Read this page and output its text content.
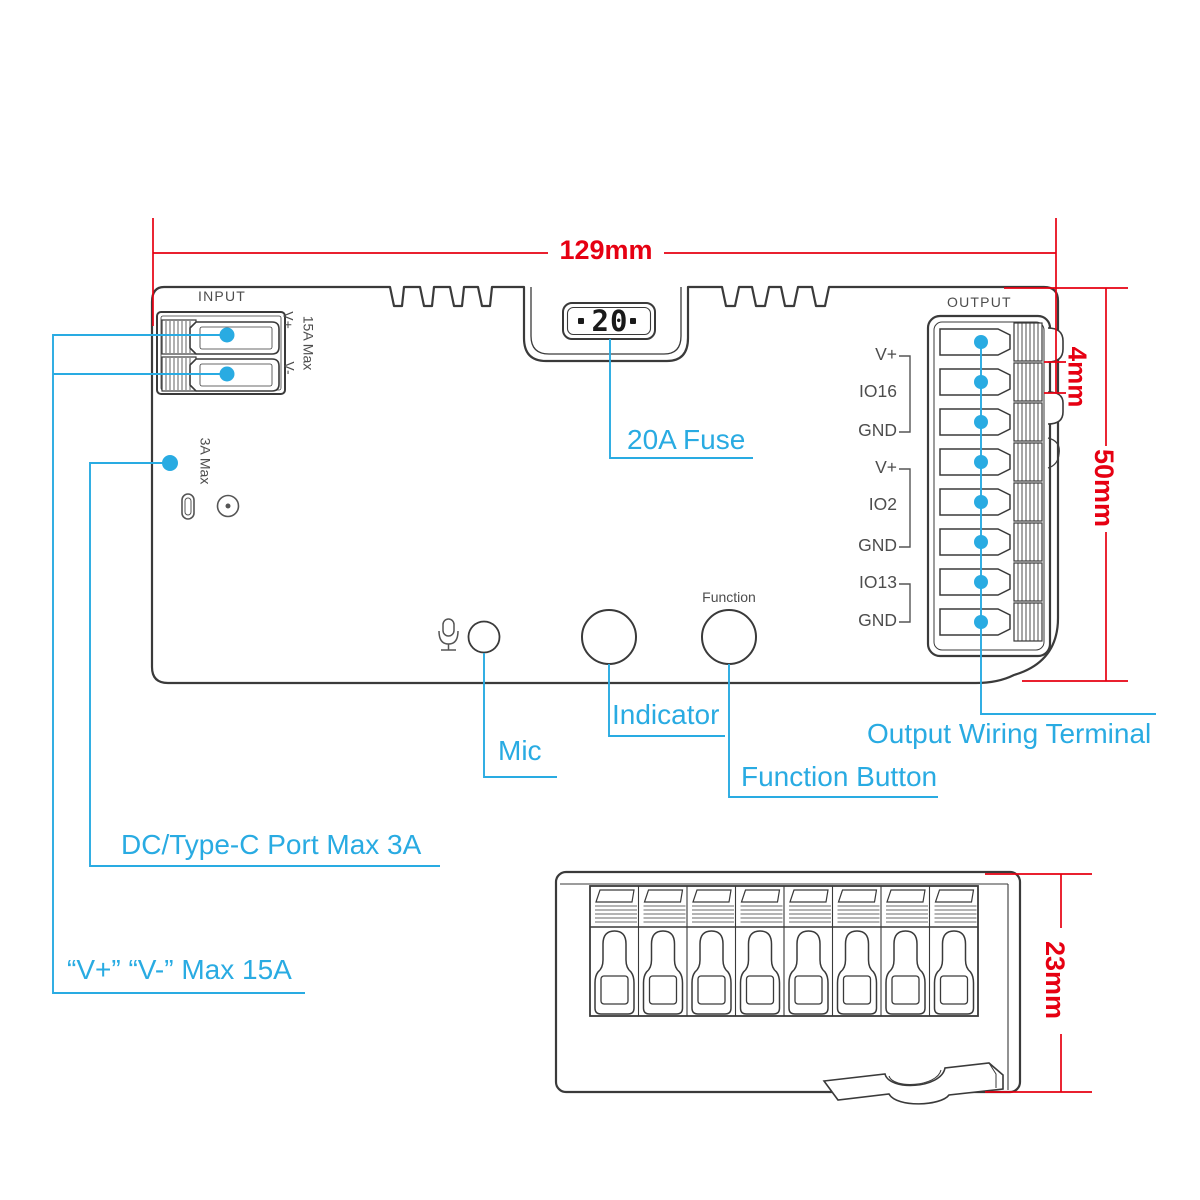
129mm
4mm
50mm
23mm
INPUT	OUTPUT
V+
V- 15A Max
3A Max
20
Function
V+
IO16
GND
V+
IO2
GND
IO13
GND
20A Fuse
Mic
Indicator
Function Button
Output Wiring Terminal
DC/Type-C Port Max 3A
“V+” “V-” Max 15A
